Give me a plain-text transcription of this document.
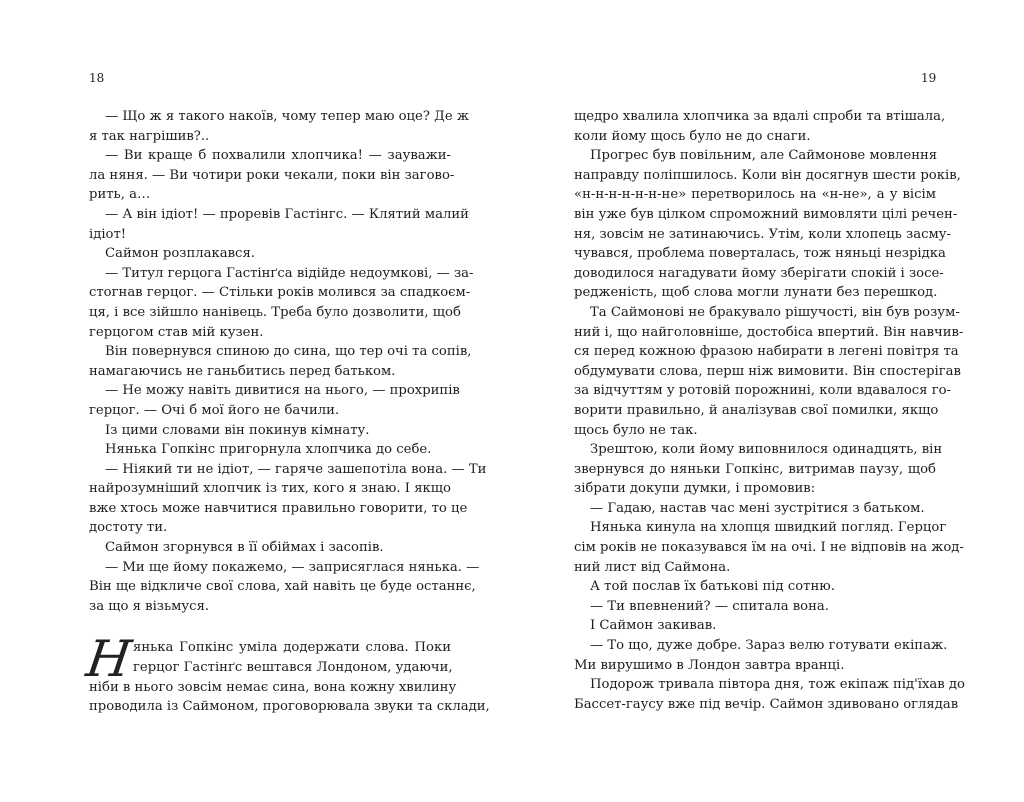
18
— Що ж я такого накоїв, чому тепер маю оце? Де ж
я так нагрішив?..
— Ви краще б похвалили хлопчика! — зауважи-
ла няня. — Ви чотири роки чекали, поки він загово-
рить, а…
— А він ідіот! — проревів Гастінгс. — Клятий малий
ідіот!
Саймон розплакався.
— Титул герцога Гастінґса відійде недоумкові, — за-
стогнав герцог. — Стільки років молився за спадкоєм-
ця, і все зійшло нанівець. Треба було дозволити, щоб
герцогом став мій кузен.
Він повернувся спиною до сина, що тер очі та сопів,
намагаючись не ганьбитись перед батьком.
— Не можу навіть дивитися на нього, — прохрипів
герцог. — Очі б мої його не бачили.
Із цими словами він покинув кімнату.
Нянька Гопкінс пригорнула хлопчика до себе.
— Ніякий ти не ідіот, — гаряче зашепотіла вона. — Ти
найрозумніший хлопчик із тих, кого я знаю. І якщо
вже хтось може навчитися правильно говорити, то це
достоту ти.
Саймон згорнувся в її обіймах і засопів.
— Ми ще йому покажемо, — заприсяглася нянька. —
Він ще відкличе свої слова, хай навіть це буде останнє,
за що я візьмуся.
Н
янька Гопкінс уміла додержати слова. Поки
герцог Гастінґс вештався Лондоном, удаючи,
ніби в нього зовсім немає сина, вона кожну хвилину
проводила із Саймоном, проговорювала звуки та склади,
19
щедро хвалила хлопчика за вдалі спроби та втішала,
коли йому щось було не до снаги.
Прогрес був повільним, але Саймонове мовлення
направду поліпшилось. Коли він досягнув шести років,
«н-н-н-н-н-н-не» перетворилось на «н-не», а у вісім
він уже був цілком спроможний вимовляти цілі речен-
ня, зовсім не затинаючись. Утім, коли хлопець засму-
чувався, проблема поверталась, тож няньці незрідка
доводилося нагадувати йому зберігати спокій і зосе-
редженість, щоб слова могли лунати без перешкод.
Та Саймонові не бракувало рішучості, він був розум-
ний і, що найголовніше, достобіса впертий. Він навчив-
ся перед кожною фразою набирати в легені повітря та
обдумувати слова, перш ніж вимовити. Він спостерігав
за відчуттям у ротовій порожнині, коли вдавалося го-
ворити правильно, й аналізував свої помилки, якщо
щось було не так.
Зрештою, коли йому виповнилося одинадцять, він
звернувся до няньки Гопкінс, витримав паузу, щоб
зібрати докупи думки, і промовив:
— Гадаю, настав час мені зустрітися з батьком.
Нянька кинула на хлопця швидкий погляд. Герцог
сім років не показувався їм на очі. І не відповів на жод-
ний лист від Саймона.
А той послав їх батькові під сотню.
— Ти впевнений? — спитала вона.
І Саймон закивав.
— То що, дуже добре. Зараз велю готувати екіпаж.
Ми вирушимо в Лондон завтра вранці.
Подорож тривала півтора дня, тож екіпаж під'їхав до
Бассет-гаусу вже під вечір. Саймон здивовано оглядав
